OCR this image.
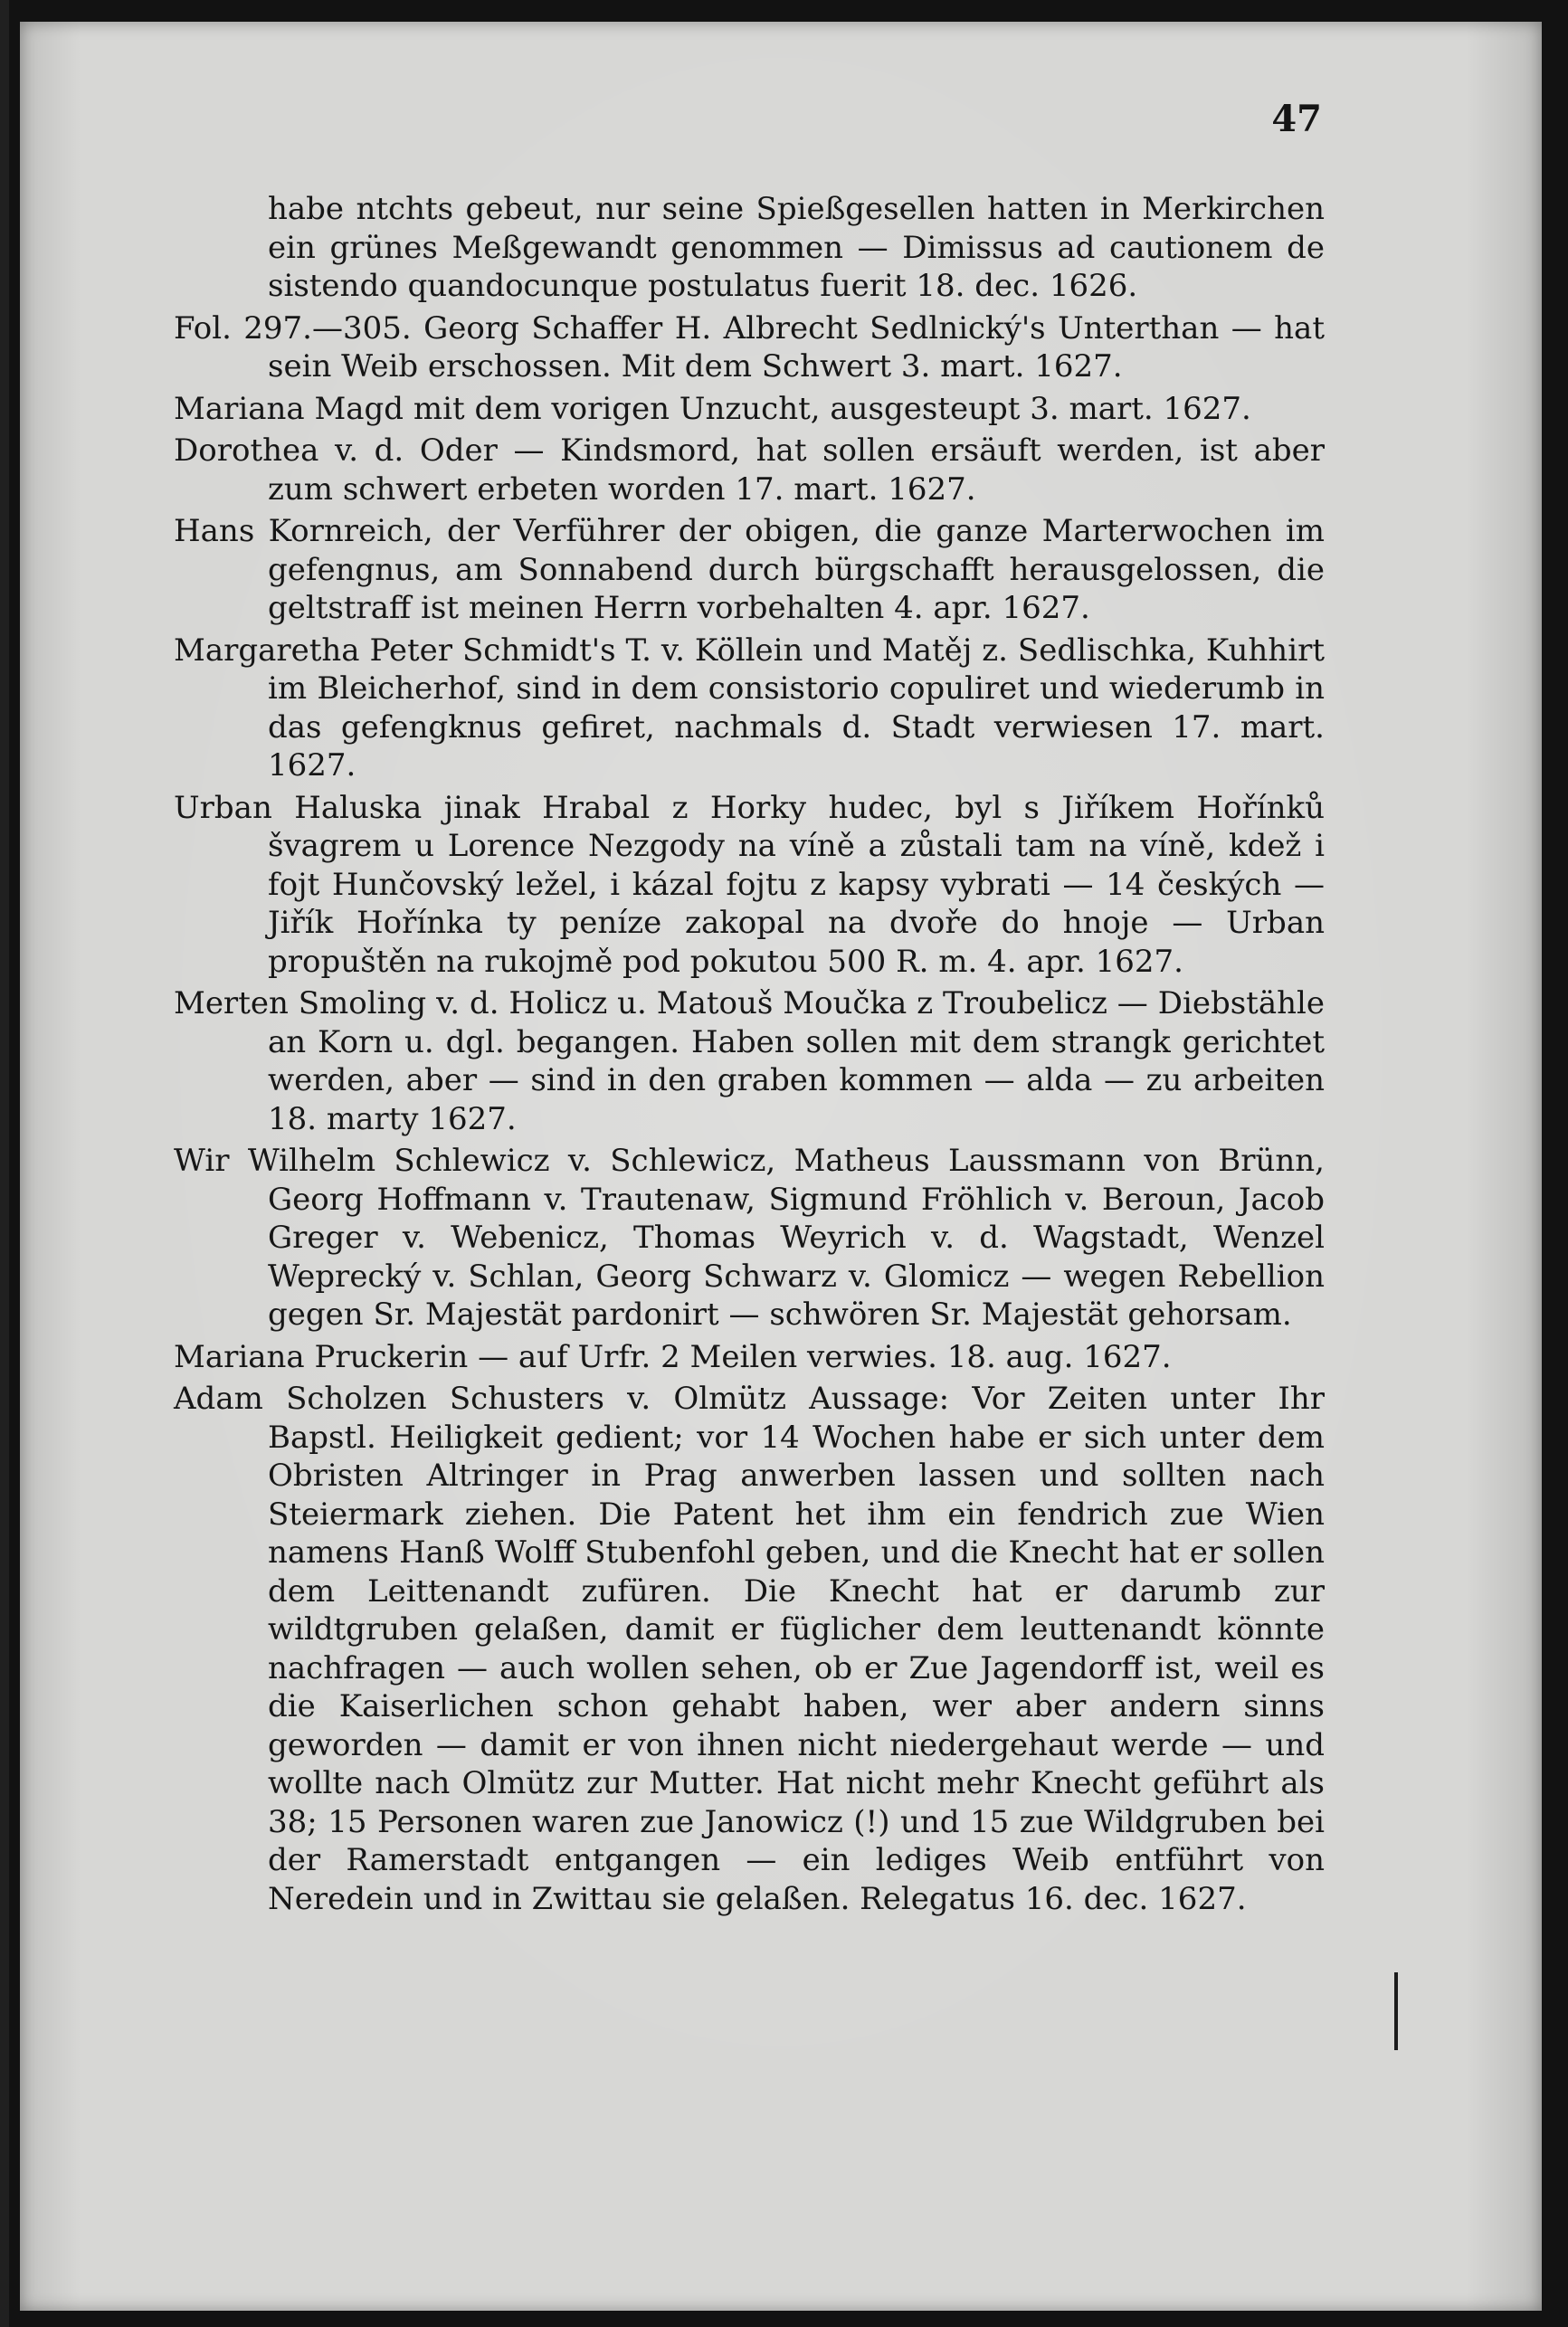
47

habe ntchts gebeut, nur seine Spießgesellen hatten in Merkirchen ein grünes Meßgewandt genommen — Dimissus ad cautionem de sistendo quandocunque postulatus fuerit 18. dec. 1626.

Fol. 297.—305. Georg Schaffer H. Albrecht Sedlnický's Unterthan — hat sein Weib erschossen. Mit dem Schwert 3. mart. 1627.

Mariana Magd mit dem vorigen Unzucht, ausgesteupt 3. mart. 1627.

Dorothea v. d. Oder — Kindsmord, hat sollen ersäuft werden, ist aber zum schwert erbeten worden 17. mart. 1627.

Hans Kornreich, der Verführer der obigen, die ganze Marterwochen im gefengnus, am Sonnabend durch bürgschafft herausgelossen, die geltstraff ist meinen Herrn vorbehalten 4. apr. 1627.

Margaretha Peter Schmidt's T. v. Köllein und Matěj z. Sedlischka, Kuhhirt im Bleicherhof, sind in dem consistorio copuliret und wiederumb in das gefengknus gefiret, nachmals d. Stadt verwiesen 17. mart. 1627.

Urban Haluska jinak Hrabal z Horky hudec, byl s Jiříkem Hořínků švagrem u Lorence Nezgody na víně a zůstali tam na víně, kdež i fojt Hunčovský ležel, i kázal fojtu z kapsy vybrati — 14 českých — Jiřík Hořínka ty peníze zakopal na dvoře do hnoje — Urban propuštěn na rukojmě pod pokutou 500 R. m. 4. apr. 1627.

Merten Smoling v. d. Holicz u. Matouš Moučka z Troubelicz — Diebstähle an Korn u. dgl. begangen. Haben sollen mit dem strangk gerichtet werden, aber — sind in den graben kommen — alda — zu arbeiten 18. marty 1627.

Wir Wilhelm Schlewicz v. Schlewicz, Matheus Laussmann von Brünn, Georg Hoffmann v. Trautenaw, Sigmund Fröhlich v. Beroun, Jacob Greger v. Webenicz, Thomas Weyrich v. d. Wagstadt, Wenzel Weprecký v. Schlan, Georg Schwarz v. Glomicz — wegen Rebellion gegen Sr. Majestät pardonirt — schwören Sr. Majestät gehorsam.

Mariana Pruckerin — auf Urfr. 2 Meilen verwies. 18. aug. 1627.

Adam Scholzen Schusters v. Olmütz Aussage: Vor Zeiten unter Ihr Bapstl. Heiligkeit gedient; vor 14 Wochen habe er sich unter dem Obristen Altringer in Prag anwerben lassen und sollten nach Steiermark ziehen. Die Patent het ihm ein fendrich zue Wien namens Hanß Wolff Stubenfohl geben, und die Knecht hat er sollen dem Leittenandt zufüren. Die Knecht hat er darumb zur wildtgruben gelaßen, damit er füglicher dem leuttenandt könnte nachfragen — auch wollen sehen, ob er Zue Jagendorff ist, weil es die Kaiserlichen schon gehabt haben, wer aber andern sinns geworden — damit er von ihnen nicht niedergehaut werde — und wollte nach Olmütz zur Mutter. Hat nicht mehr Knecht geführt als 38; 15 Personen waren zue Janowicz (!) und 15 zue Wildgruben bei der Ramerstadt entgangen — ein lediges Weib entführt von Neredein und in Zwittau sie gelaßen. Relegatus 16. dec. 1627.
